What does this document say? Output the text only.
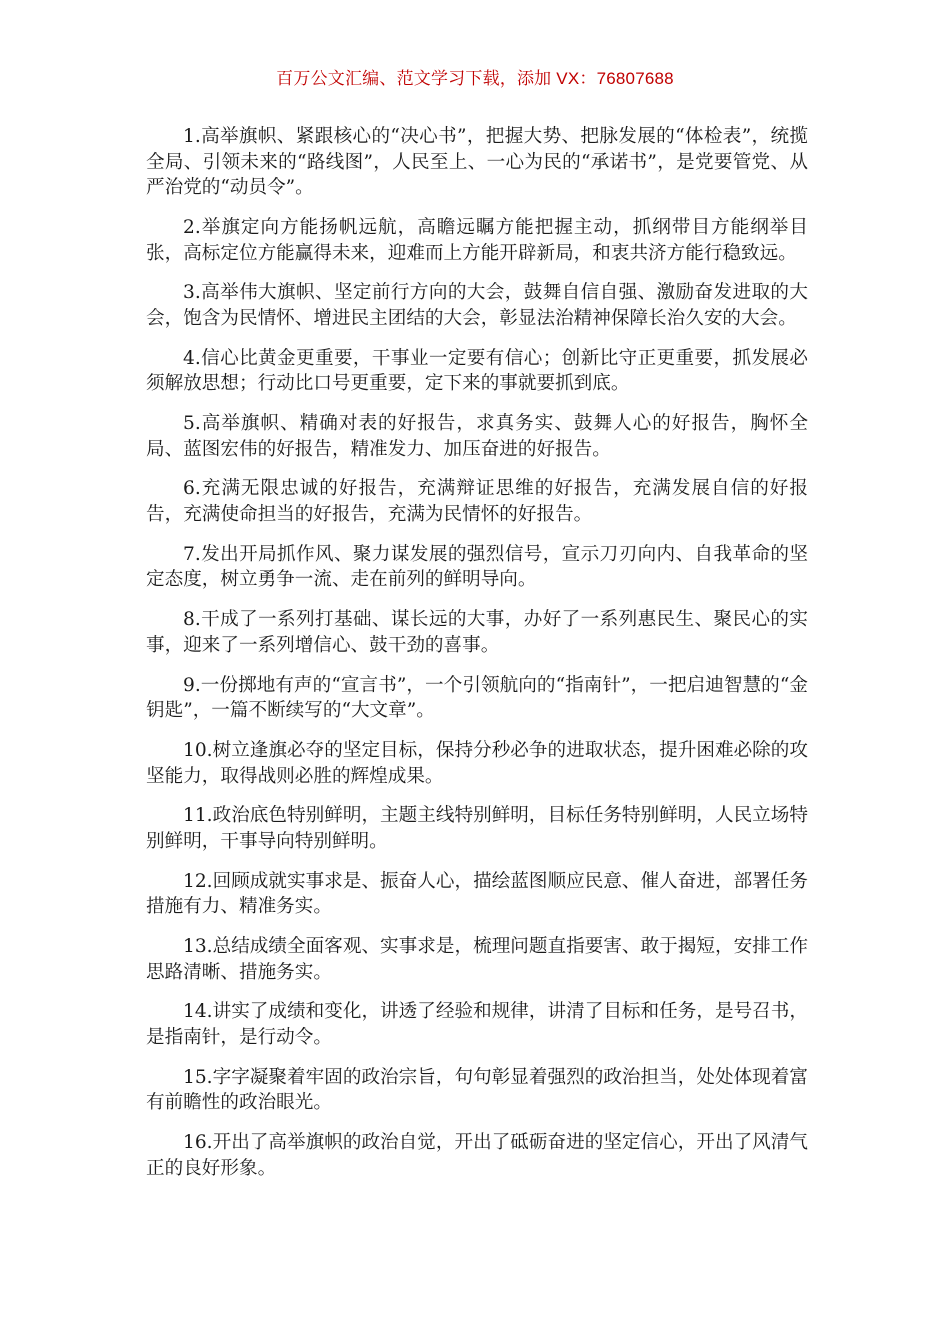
百万公文汇编、范文学习下载，添加 VX：76807688

1.高举旗帜、紧跟核心的“决心书”，把握大势、把脉发展的“体检表”，统揽全局、引领未来的“路线图”，人民至上、一心为民的“承诺书”，是党要管党、从严治党的“动员令”。

2.举旗定向方能扬帆远航，高瞻远瞩方能把握主动，抓纲带目方能纲举目张，高标定位方能赢得未来，迎难而上方能开辟新局，和衷共济方能行稳致远。

3.高举伟大旗帜、坚定前行方向的大会，鼓舞自信自强、激励奋发进取的大会，饱含为民情怀、增进民主团结的大会，彰显法治精神保障长治久安的大会。

4.信心比黄金更重要，干事业一定要有信心；创新比守正更重要，抓发展必须解放思想；行动比口号更重要，定下来的事就要抓到底。

5.高举旗帜、精确对表的好报告，求真务实、鼓舞人心的好报告，胸怀全局、蓝图宏伟的好报告，精准发力、加压奋进的好报告。

6.充满无限忠诚的好报告，充满辩证思维的好报告，充满发展自信的好报告，充满使命担当的好报告，充满为民情怀的好报告。

7.发出开局抓作风、聚力谋发展的强烈信号，宣示刀刃向内、自我革命的坚定态度，树立勇争一流、走在前列的鲜明导向。

8.干成了一系列打基础、谋长远的大事，办好了一系列惠民生、聚民心的实事，迎来了一系列增信心、鼓干劲的喜事。

9.一份掷地有声的“宣言书”，一个引领航向的“指南针”，一把启迪智慧的“金钥匙”，一篇不断续写的“大文章”。

10.树立逢旗必夺的坚定目标，保持分秒必争的进取状态，提升困难必除的攻坚能力，取得战则必胜的辉煌成果。

11.政治底色特别鲜明，主题主线特别鲜明，目标任务特别鲜明，人民立场特别鲜明，干事导向特别鲜明。

12.回顾成就实事求是、振奋人心，描绘蓝图顺应民意、催人奋进，部署任务措施有力、精准务实。

13.总结成绩全面客观、实事求是，梳理问题直指要害、敢于揭短，安排工作思路清晰、措施务实。

14.讲实了成绩和变化，讲透了经验和规律，讲清了目标和任务，是号召书，是指南针，是行动令。

15.字字凝聚着牢固的政治宗旨，句句彰显着强烈的政治担当，处处体现着富有前瞻性的政治眼光。

16.开出了高举旗帜的政治自觉，开出了砥砺奋进的坚定信心，开出了风清气正的良好形象。
